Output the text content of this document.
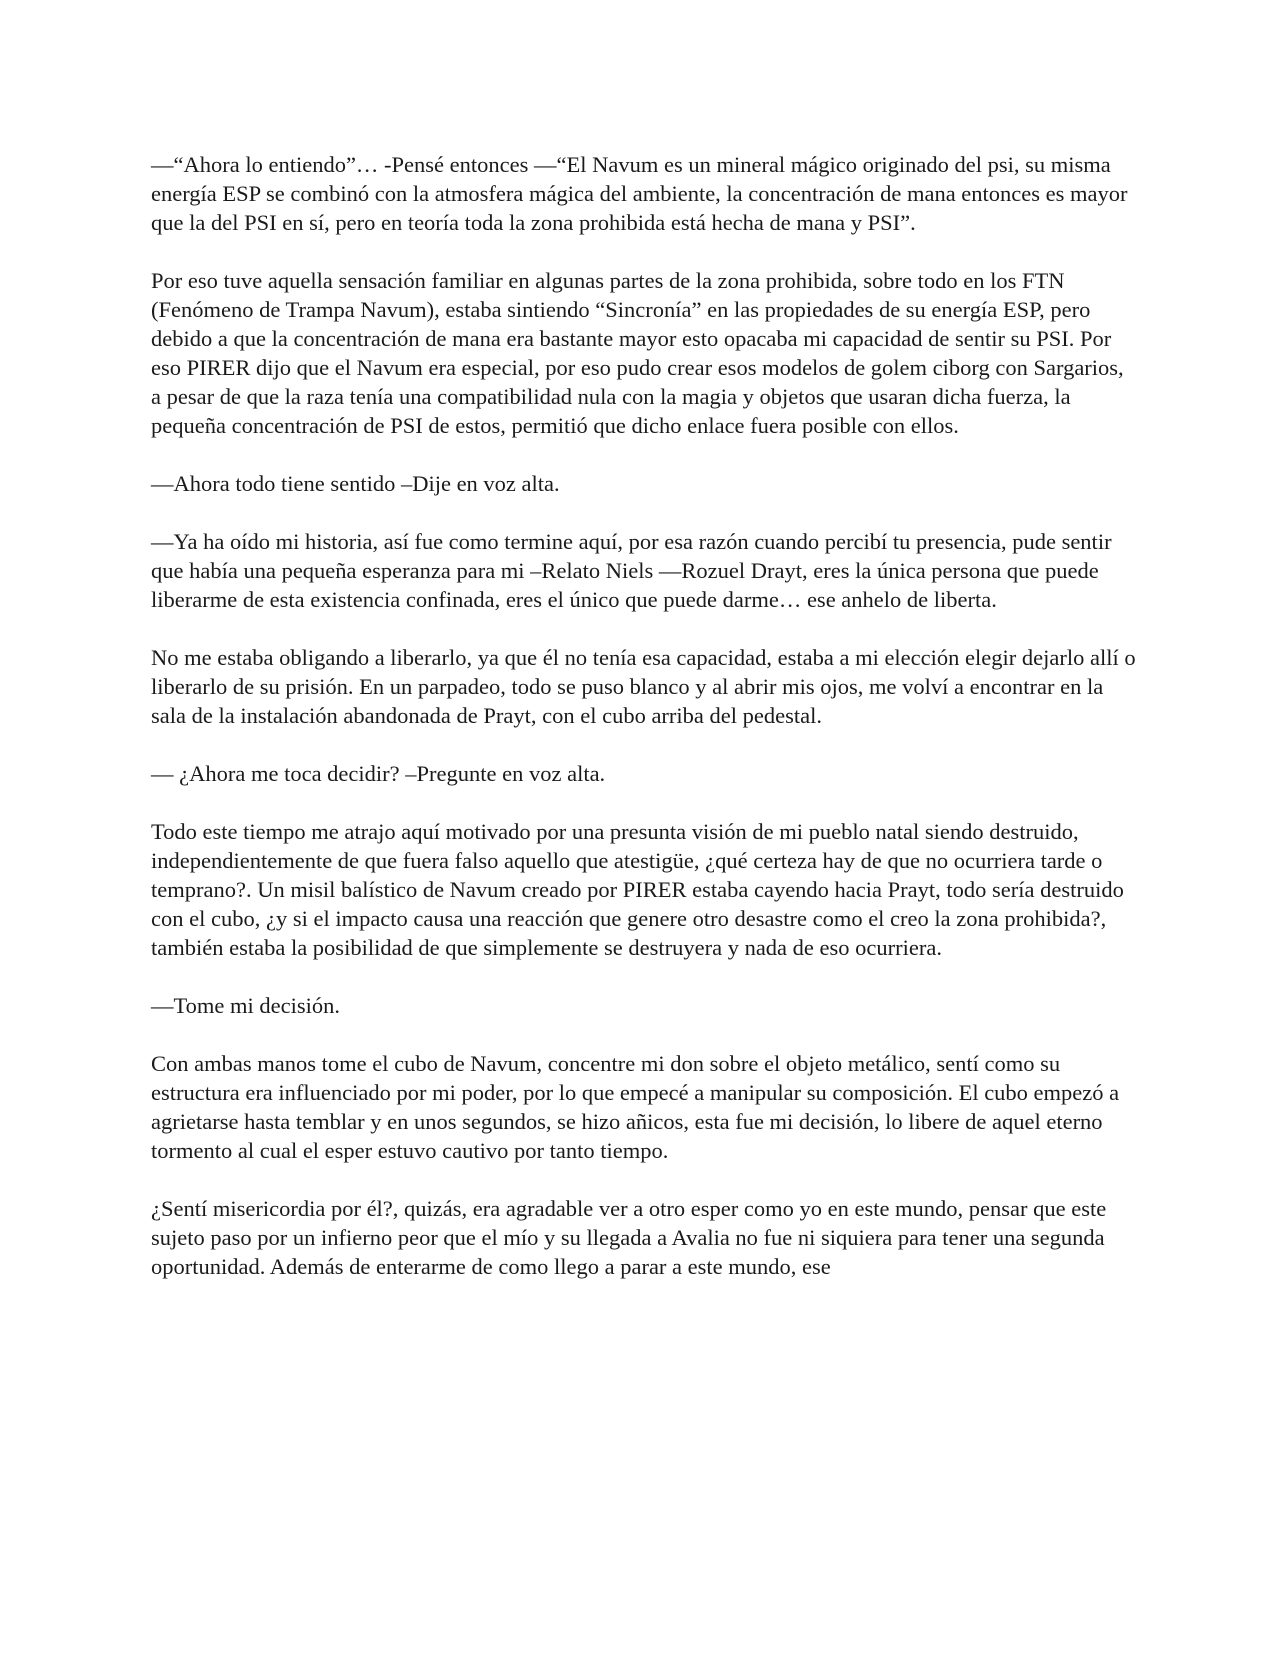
—“Ahora lo entiendo”… -Pensé entonces —“El Navum es un mineral mágico originado del psi, su misma energía ESP se combinó con la atmosfera mágica del ambiente, la concentración de mana entonces es mayor que la del PSI en sí, pero en teoría toda la zona prohibida está hecha de mana y PSI”.

Por eso tuve aquella sensación familiar en algunas partes de la zona prohibida, sobre todo en los FTN (Fenómeno de Trampa Navum), estaba sintiendo “Sincronía” en las propiedades de su energía ESP, pero debido a que la concentración de mana era bastante mayor esto opacaba mi capacidad de sentir su PSI. Por eso PIRER dijo que el Navum era especial, por eso pudo crear esos modelos de golem ciborg con Sargarios, a pesar de que la raza tenía una compatibilidad nula con la magia y objetos que usaran dicha fuerza, la pequeña concentración de PSI de estos, permitió que dicho enlace fuera posible con ellos.

—Ahora todo tiene sentido –Dije en voz alta.

—Ya ha oído mi historia, así fue como termine aquí, por esa razón cuando percibí tu presencia, pude sentir que había una pequeña esperanza para mi –Relato Niels —Rozuel Drayt, eres la única persona que puede liberarme de esta existencia confinada, eres el único que puede darme… ese anhelo de liberta.

No me estaba obligando a liberarlo, ya que él no tenía esa capacidad, estaba a mi elección elegir dejarlo allí o liberarlo de su prisión. En un parpadeo, todo se puso blanco y al abrir mis ojos, me volví a encontrar en la sala de la instalación abandonada de Prayt, con el cubo arriba del pedestal.

— ¿Ahora me toca decidir? –Pregunte en voz alta.

Todo este tiempo me atrajo aquí motivado por una presunta visión de mi pueblo natal siendo destruido, independientemente de que fuera falso aquello que atestigüe, ¿qué certeza hay de que no ocurriera tarde o temprano?. Un misil balístico de Navum creado por PIRER estaba cayendo hacia Prayt, todo sería destruido con el cubo, ¿y si el impacto causa una reacción que genere otro desastre como el creo la zona prohibida?, también estaba la posibilidad de que simplemente se destruyera y nada de eso ocurriera.

—Tome mi decisión.

Con ambas manos tome el cubo de Navum, concentre mi don sobre el objeto metálico, sentí como su estructura era influenciado por mi poder, por lo que empecé a manipular su composición. El cubo empezó a agrietarse hasta temblar y en unos segundos, se hizo añicos, esta fue mi decisión, lo libere de aquel eterno tormento al cual el esper estuvo cautivo por tanto tiempo.

¿Sentí misericordia por él?, quizás, era agradable ver a otro esper como yo en este mundo, pensar que este sujeto paso por un infierno peor que el mío y su llegada a Avalia no fue ni siquiera para tener una segunda oportunidad. Además de enterarme de como llego a parar a este mundo, ese
